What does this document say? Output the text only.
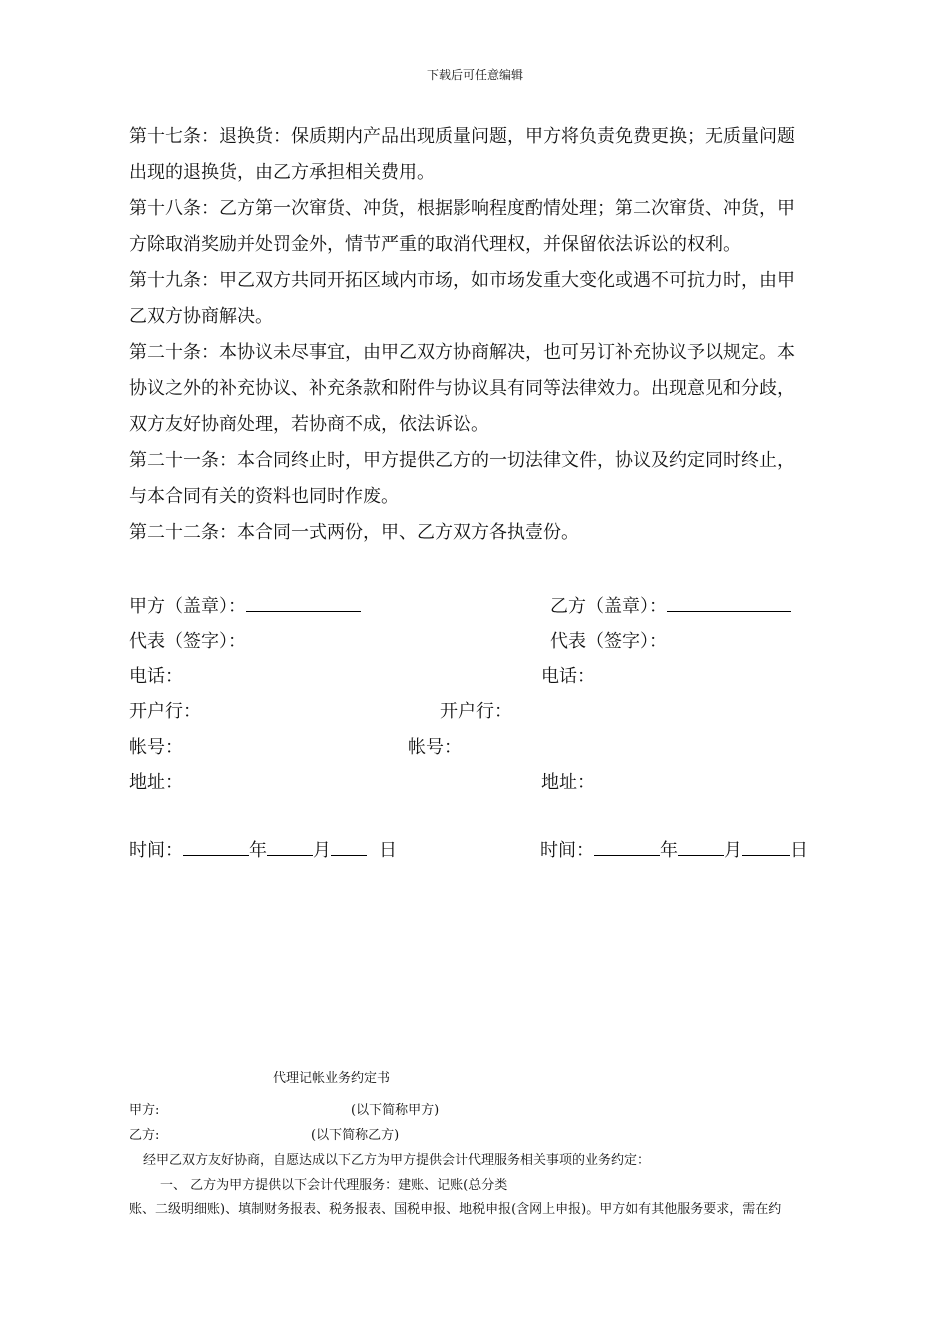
下载后可任意编辑
第十七条：退换货：保质期内产品出现质量问题，甲方将负责免费更换；无质量问题
出现的退换货，由乙方承担相关费用。
第十八条：乙方第一次窜货、冲货，根据影响程度酌情处理；第二次窜货、冲货，甲
方除取消奖励并处罚金外，情节严重的取消代理权，并保留依法诉讼的权利。
第十九条：甲乙双方共同开拓区域内市场，如市场发重大变化或遇不可抗力时，由甲
乙双方协商解决。
第二十条：本协议未尽事宜，由甲乙双方协商解决，也可另订补充协议予以规定。本
协议之外的补充协议、补充条款和附件与协议具有同等法律效力。出现意见和分歧，
双方友好协商处理，若协商不成，依法诉讼。
第二十一条：本合同终止时，甲方提供乙方的一切法律文件，协议及约定同时终止，
与本合同有关的资料也同时作废。
第二十二条：本合同一式两份，甲、乙方双方各执壹份。
甲方（盖章）：	乙方（盖章）：
代表（签字）：	代表（签字）：
电话：	电话：
开户行：	开户行：
帐号：	帐号：
地址：	地址：
时间：	年	月	日	时间：	年	月	日
代理记帐业务约定书
甲方:	(以下简称甲方)
乙方:	(以下简称乙方)
经甲乙双方友好协商，自愿达成以下乙方为甲方提供会计代理服务相关事项的业务约定：
一、 乙方为甲方提供以下会计代理服务：建账、记账(总分类
账、二级明细账)、填制财务报表、税务报表、国税申报、地税申报(含网上申报)。甲方如有其他服务要求，需在约
